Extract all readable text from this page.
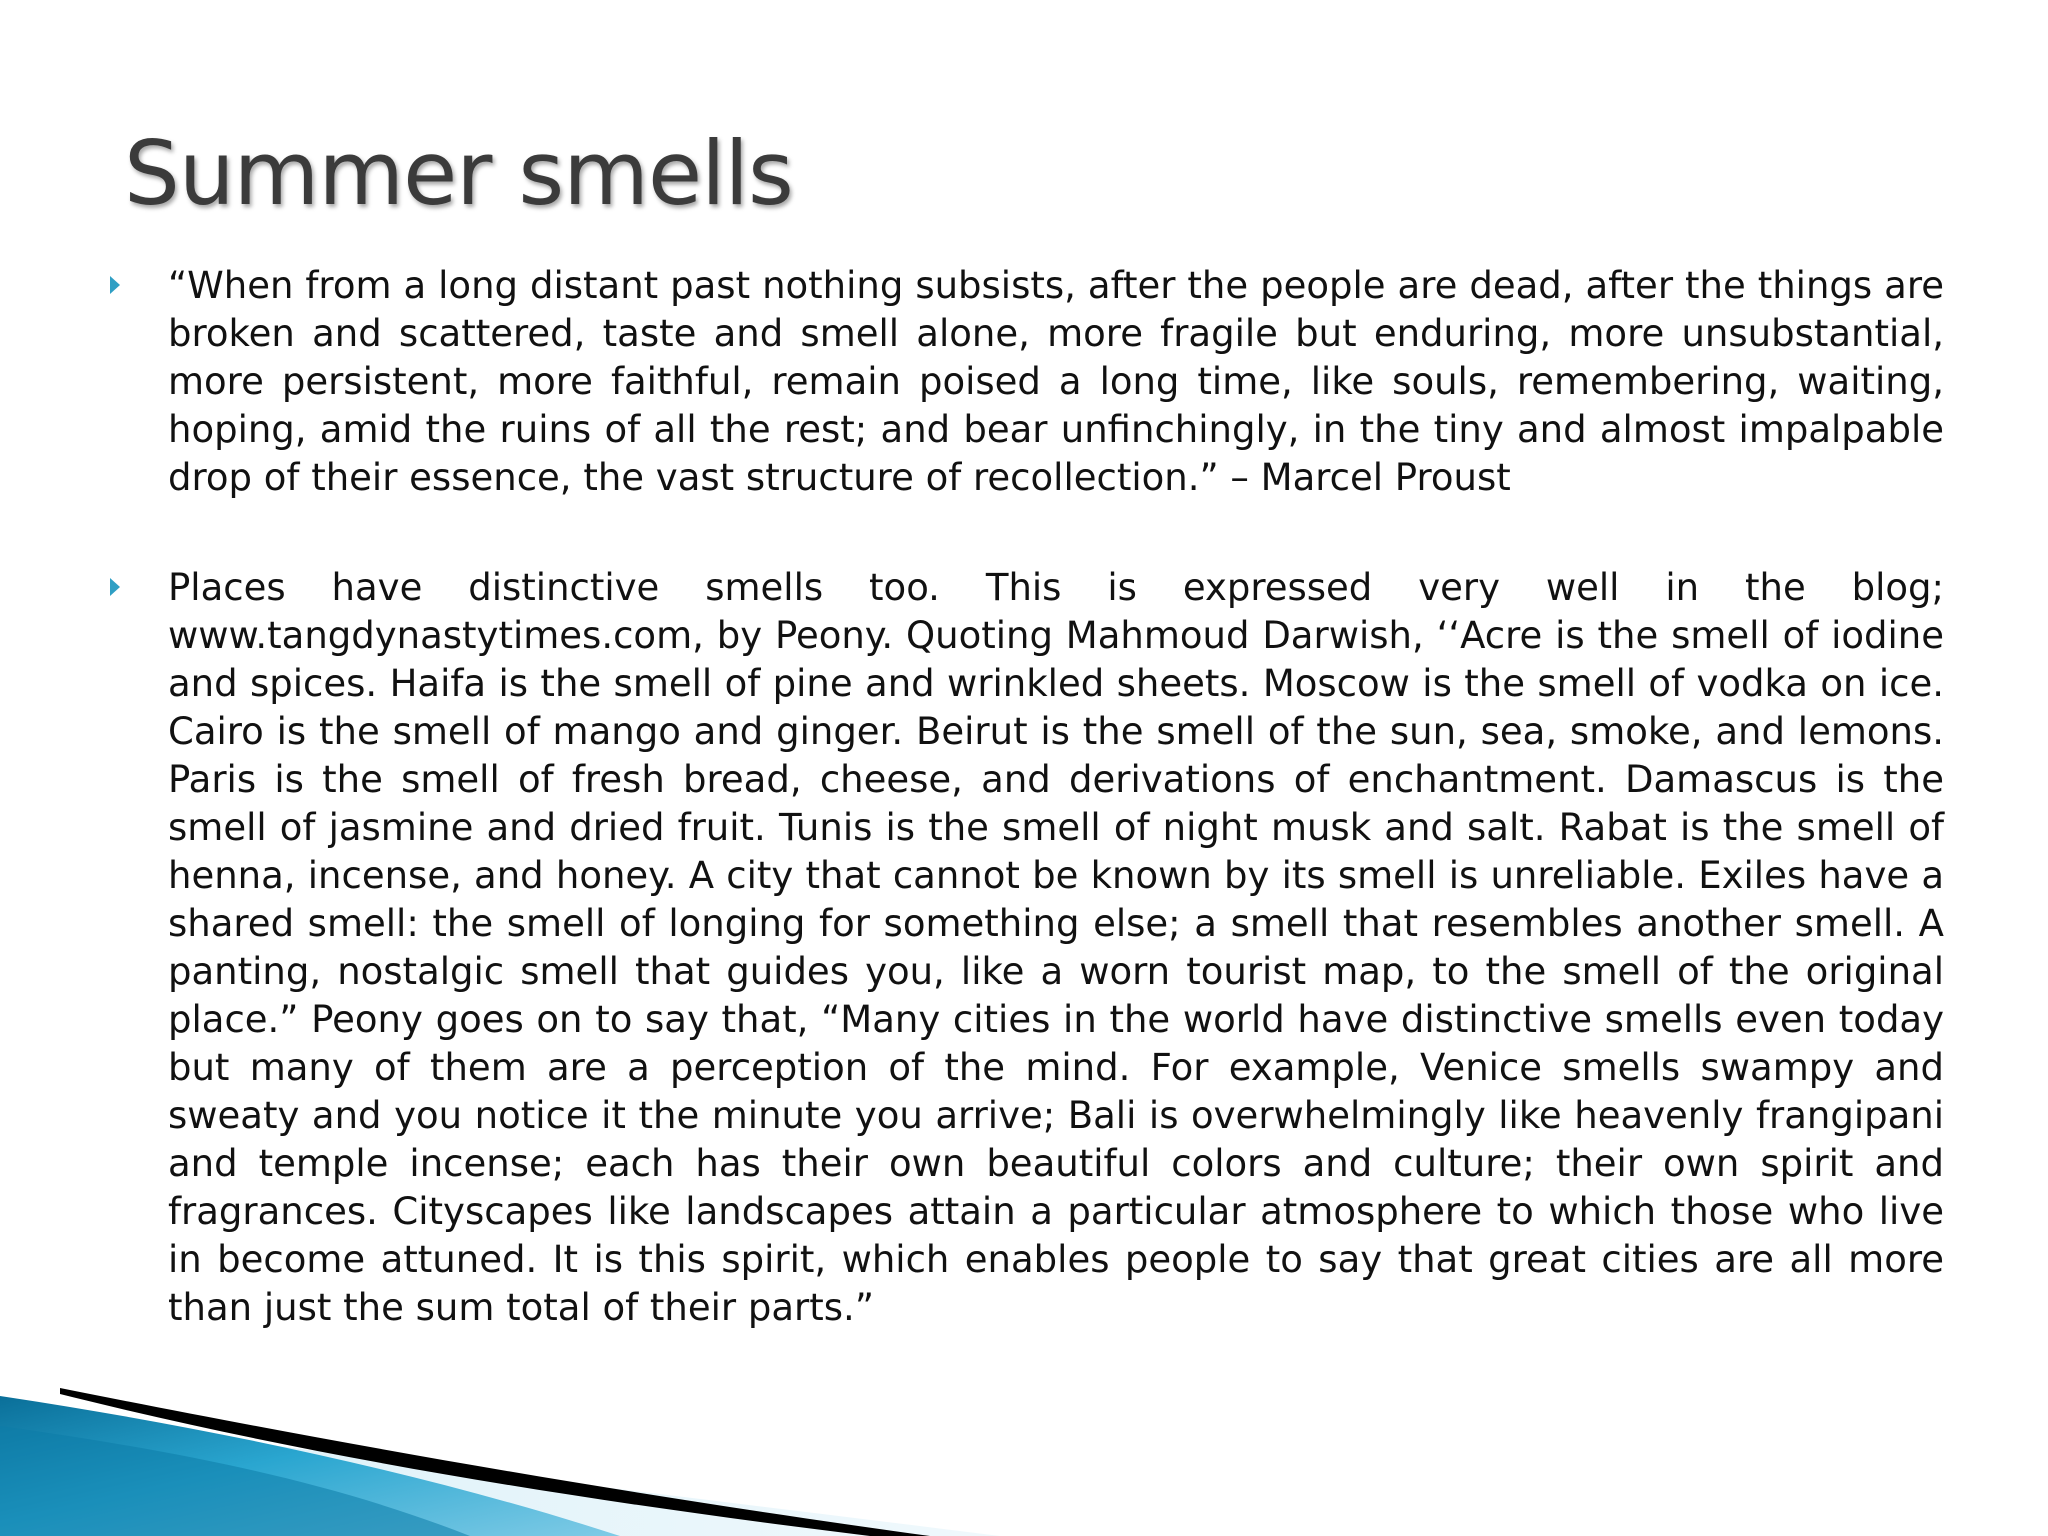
Summer smells
“When from a long distant past nothing subsists, after the people are dead, after the things are broken and scattered, taste and smell alone, more fragile but enduring, more unsubstantial, more persistent, more faithful, remain poised a long time, like souls, remembering, waiting, hoping, amid the ruins of all the rest; and bear unfinchingly, in the tiny and almost impalpable drop of their essence, the vast structure of recollection.” – Marcel Proust
Places have distinctive smells too. This is expressed very well in the blog; www.tangdynastytimes.com, by Peony. Quoting Mahmoud Darwish, ‘‘Acre is the smell of iodine and spices. Haifa is the smell of pine and wrinkled sheets. Moscow is the smell of vodka on ice. Cairo is the smell of mango and ginger. Beirut is the smell of the sun, sea, smoke, and lemons. Paris is the smell of fresh bread, cheese, and derivations of enchantment. Damascus is the smell of jasmine and dried fruit. Tunis is the smell of night musk and salt. Rabat is the smell of henna, incense, and honey. A city that cannot be known by its smell is unreliable. Exiles have a shared smell: the smell of longing for something else; a smell that resembles another smell. A panting, nostalgic smell that guides you, like a worn tourist map, to the smell of the original place.” Peony goes on to say that, “Many cities in the world have distinctive smells even today but many of them are a perception of the mind. For example, Venice smells swampy and sweaty and you notice it the minute you arrive; Bali is overwhelmingly like heavenly frangipani and temple incense; each has their own beautiful colors and culture; their own spirit and fragrances. Cityscapes like landscapes attain a particular atmosphere to which those who live in become attuned. It is this spirit, which enables people to say that great cities are all more than just the sum total of their parts.”
